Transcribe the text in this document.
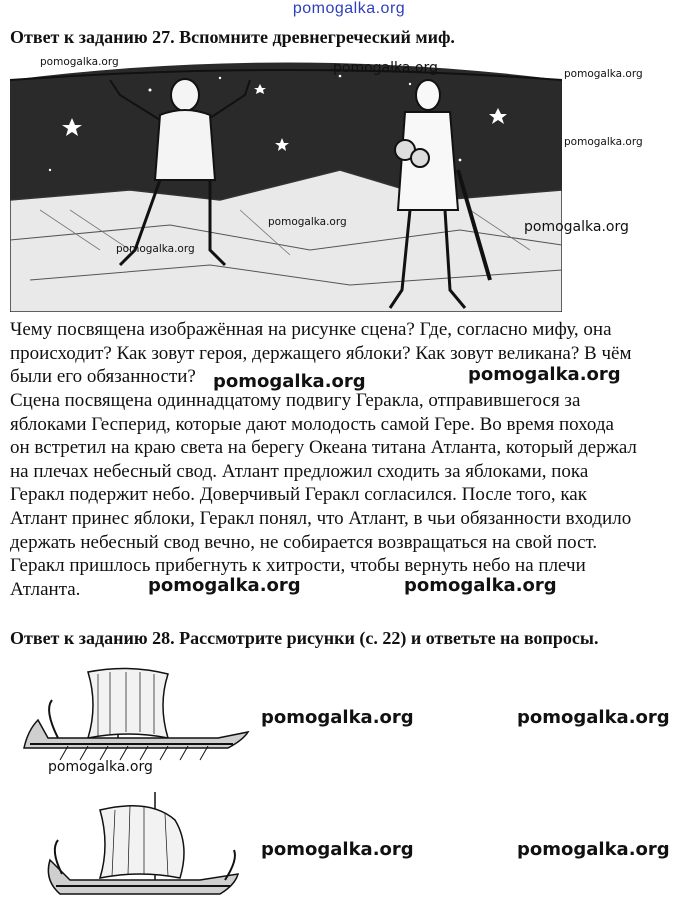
pomogalka.org
Ответ к заданию 27. Вспомните древнегреческий миф.
pomogalka.org	pomogalka.org	pomogalka.org
pomogalka.org
pomogalka.org	pomogalka.org
pomogalka.org
Чему посвящена изображённая на рисунке сцена? Где, согласно мифу, она
происходит? Как зовут героя, держащего яблоки? Как зовут великана? В чём
были его обязанности?
Сцена посвящена одиннадцатому подвигу Геракла, отправившегося за
яблоками Гесперид, которые дают молодость самой Гере. Во время похода
он встретил на краю света на берегу Океана титана Атланта, который держал
на плечах небесный свод. Атлант предложил сходить за яблоками, пока
Геракл подержит небо. Доверчивый Геракл согласился. После того, как
Атлант принес яблоки, Геракл понял, что Атлант, в чьи обязанности входило
держать небесный свод вечно, не собирается возвращаться на свой пост.
Геракл пришлось прибегнуть к хитрости, чтобы вернуть небо на плечи
Атланта.
pomogalka.org	pomogalka.org
pomogalka.org	pomogalka.org
Ответ к заданию 28. Рассмотрите рисунки (с. 22) и ответьте на вопросы.
pomogalka.org	pomogalka.org
pomogalka.org
pomogalka.org	pomogalka.org
